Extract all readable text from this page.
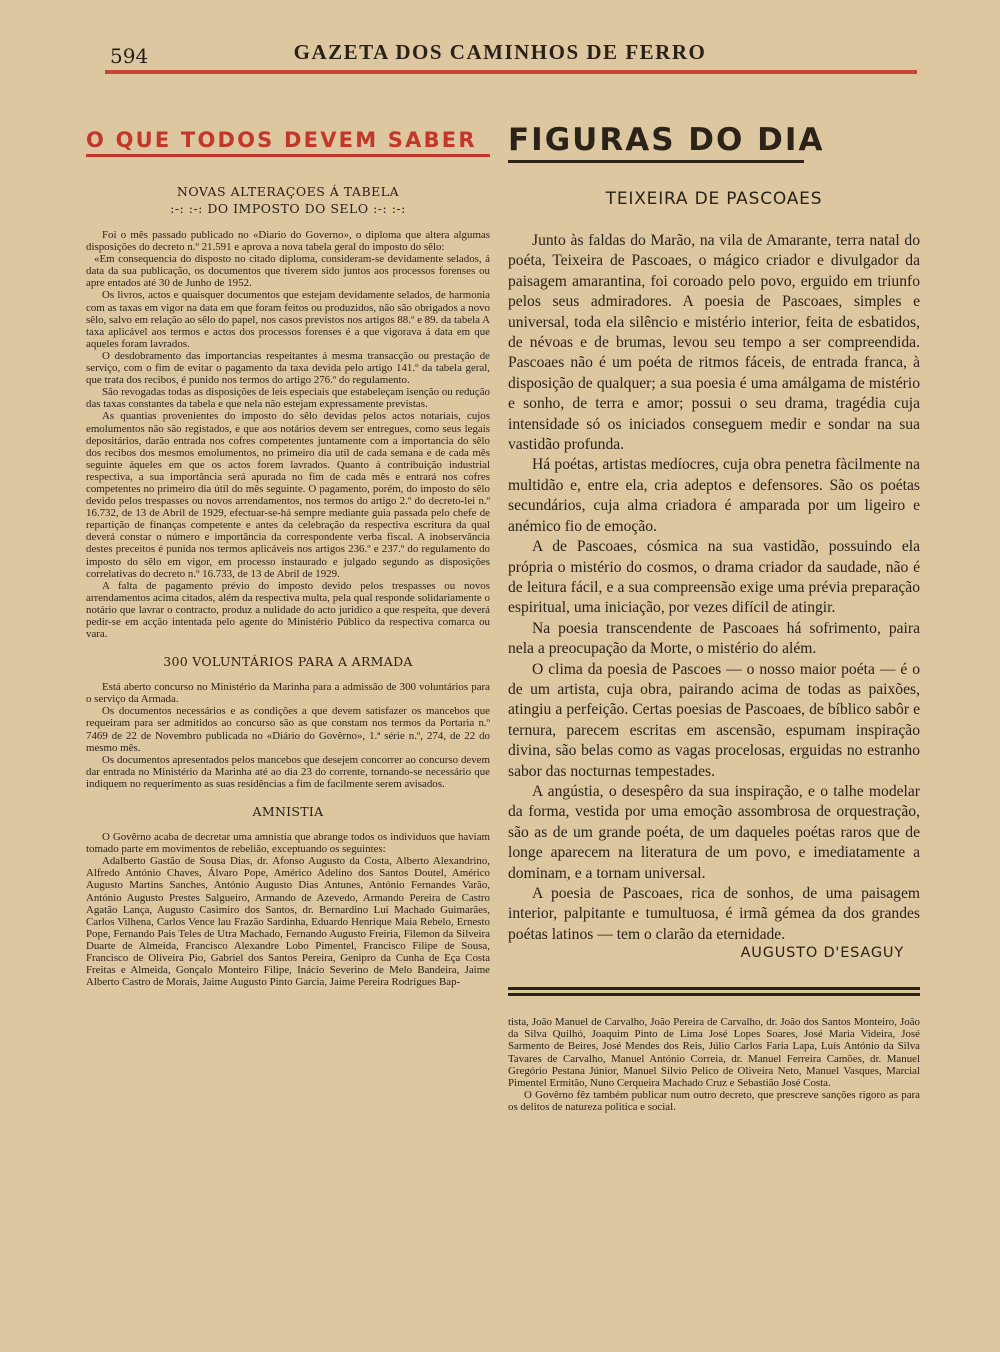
594	GAZETA DOS CAMINHOS DE FERRO
O QUE TODOS DEVEM SABER

NOVAS ALTERAÇOES Á TABELA

:-: :-: DO IMPOSTO DO SELO :-: :-:

Foi o mês passado publicado no «Diario do Governo», o diploma que altera algumas disposições do decreto n.º 21.591 e aprova a nova tabela geral do imposto do sêlo:

«Em consequencia do disposto no citado diploma, consideram-se devidamente selados, á data da sua publicação, os documentos que tiverem sido juntos aos processos forenses ou apre entados até 30 de Junho de 1952.

Os livros, actos e quaisquer documentos que estejam devidamente selados, de harmonia com as taxas em vigor na data em que foram feitos ou produzidos, não são obrigados a novo sêlo, salvo em relação ao sêlo do papel, nos casos previstos nos artigos 88.º e 89. da tabela A taxa aplicável aos termos e actos dos processos forenses é a que vigorava á data em que aqueles foram lavrados.

O desdobramento das importancias respeitantes á mesma transacção ou prestação de serviço, com o fim de evitar o pagamento da taxa devida pelo artigo 141.º da tabela geral, que trata dos recibos, é punido nos termos do artigo 276.º do regulamento.

São revogadas todas as disposições de leis especiais que estabeleçam isenção ou redução das taxas constantes da tabela e que nela não estejam expressamente previstas.

As quantias provenientes do imposto do sêlo devidas pelos actos notariais, cujos emolumentos não são registados, e que aos notários devem ser entregues, como seus legais depositários, darão entrada nos cofres competentes juntamente com a importancia do sêlo dos recibos dos mesmos emolumentos, no primeiro dia util de cada semana e de cada mês seguinte áqueles em que os actos forem lavrados. Quanto á contribuição industrial respectiva, a sua importância será apurada no fim de cada mês e entrará nos cofres competentes no primeiro dia útil do mês seguinte. O pagamento, porém, do imposto do sêlo devido pelos trespasses ou novos arrendamentos, nos termos do artigo 2.º do decreto-lei n.º 16.732, de 13 de Abril de 1929, efectuar-se-há sempre mediante guia passada pelo chefe de repartição de finanças competente e antes da celebração da respectiva escritura da qual deverá constar o número e importância da correspondente verba fiscal. A inobservância destes preceitos é punida nos termos aplicáveis nos artigos 236.º e 237.º do regulamento do imposto do sêlo em vigor, em processo instaurado e julgado segundo as disposições correlativas do decreto n.º 16.733, de 13 de Abril de 1929.

A falta de pagamento prévio do imposto devido pelos trespasses ou novos arrendamentos acima citados, além da respectiva multa, pela qual responde solidariamente o notário que lavrar o contracto, produz a nulidade do acto juridico a que respeita, que deverá pedir-se em acção intentada pelo agente do Ministério Público da respectiva comarca ou vara.

300 VOLUNTÁRIOS PARA A ARMADA

Está aberto concurso no Ministério da Marinha para a admissão de 300 voluntários para o serviço da Armada.

Os documentos necessários e as condições a que devem satisfazer os mancebos que requeiram para ser admitidos ao concurso são as que constam nos termos da Portaria n.º 7469 de 22 de Novembro publicada no «Diário do Govêrno», 1.ª série n.º, 274, de 22 do mesmo mês.

Os documentos apresentados pelos mancebos que desejem concorrer ao concurso devem dar entrada no Ministério da Marinha até ao dia 23 do corrente, tornando-se necessário que indiquem no requerimento as suas residências a fim de facilmente serem avisados.

AMNISTIA

O Govêrno acaba de decretar uma amnistia que abrange todos os individuos que haviam tomado parte em movimentos de rebelião, exceptuando os seguintes:

Adalberto Gastão de Sousa Dias, dr. Afonso Augusto da Costa, Alberto Alexandrino, Alfredo António Chaves, Álvaro Pope, Américo Adelino dos Santos Doutel, Américo Augusto Martins Sanches, António Augusto Dias Antunes, António Fernandes Varão, António Augusto Prestes Salgueiro, Armando de Azevedo, Armando Pereira de Castro Agatão Lança, Augusto Casimiro dos Santos, dr. Bernardino Luí Machado Guimarães, Carlos Vilhena, Carlos Vence lau Frazão Sardinha, Eduardo Henrique Maia Rebelo, Ernesto Pope, Fernando Pais Teles de Utra Machado, Fernando Augusto Freiria, Filemon da Silveira Duarte de Almeida, Francisco Alexandre Lobo Pimentel, Francisco Filipe de Sousa, Francisco de Oliveira Pio, Gabriel dos Santos Pereira, Genipro da Cunha de Eça Costa Freitas e Almeida, Gonçalo Monteiro Filipe, Inácio Severino de Melo Bandeira, Jaime Alberto Castro de Morais, Jaime Augusto Pinto Garcia, Jaime Pereira Rodrigues Bap-

FIGURAS DO DIA

TEIXEIRA DE PASCOAES

Junto às faldas do Marão, na vila de Amarante, terra natal do poéta, Teixeira de Pascoaes, o mágico criador e divulgador da paisagem amarantina, foi coroado pelo povo, erguido em triunfo pelos seus admiradores. A poesia de Pascoaes, simples e universal, toda ela silêncio e mistério interior, feita de esbatidos, de névoas e de brumas, levou seu tempo a ser compreendida. Pascoaes não é um poéta de ritmos fáceis, de entrada franca, à disposição de qualquer; a sua poesia é uma amálgama de mistério e sonho, de terra e amor; possui o seu drama, tragédia cuja intensidade só os iniciados conseguem medir e sondar na sua vastidão profunda.

Há poétas, artistas medíocres, cuja obra penetra fàcilmente na multidão e, entre ela, cria adeptos e defensores. São os poétas secundários, cuja alma criadora é amparada por um ligeiro e anémico fio de emoção.

A de Pascoaes, cósmica na sua vastidão, possuindo ela própria o mistério do cosmos, o drama criador da saudade, não é de leitura fácil, e a sua compreensão exige uma prévia preparação espiritual, uma iniciação, por vezes difícil de atingir.

Na poesia transcendente de Pascoaes há sofrimento, paira nela a preocupação da Morte, o mistério do além.

O clima da poesia de Pascoes — o nosso maior poéta — é o de um artista, cuja obra, pairando acima de todas as paixões, atingiu a perfeição. Certas poesias de Pascoaes, de bíblico sabôr e ternura, parecem escritas em ascensão, espumam inspiração divina, são belas como as vagas procelosas, erguidas no estranho sabor das nocturnas tempestades.

A angústia, o desespêro da sua inspiração, e o talhe modelar da forma, vestida por uma emoção assombrosa de orquestração, são as de um grande poéta, de um daqueles poétas raros que de longe aparecem na literatura de um povo, e imediatamente a dominam, e a tornam universal.

A poesia de Pascoaes, rica de sonhos, de uma paisagem interior, palpitante e tumultuosa, é irmã gémea da dos grandes poétas latinos — tem o clarão da eternidade.

AUGUSTO D'ESAGUY

tista, João Manuel de Carvalho, João Pereira de Carvalho, dr. João dos Santos Monteiro, João da Silva Quilhó, Joaquim Pinto de Lima José Lopes Soares, José Maria Videira, José Sarmento de Beires, José Mendes dos Reis, Júlio Carlos Faria Lapa, Luís António da Silva Tavares de Carvalho, Manuel António Correia, dr. Manuel Ferreira Camões, dr. Manuel Gregório Pestana Júnior, Manuel Silvio Pelico de Oliveira Neto, Manuel Vasques, Marcial Pimentel Ermitão, Nuno Cerqueira Machado Cruz e Sebastião José Costa.

O Govêrno fêz também publicar num outro decreto, que prescreve sanções rigoro as para os delitos de natureza politica e social.
